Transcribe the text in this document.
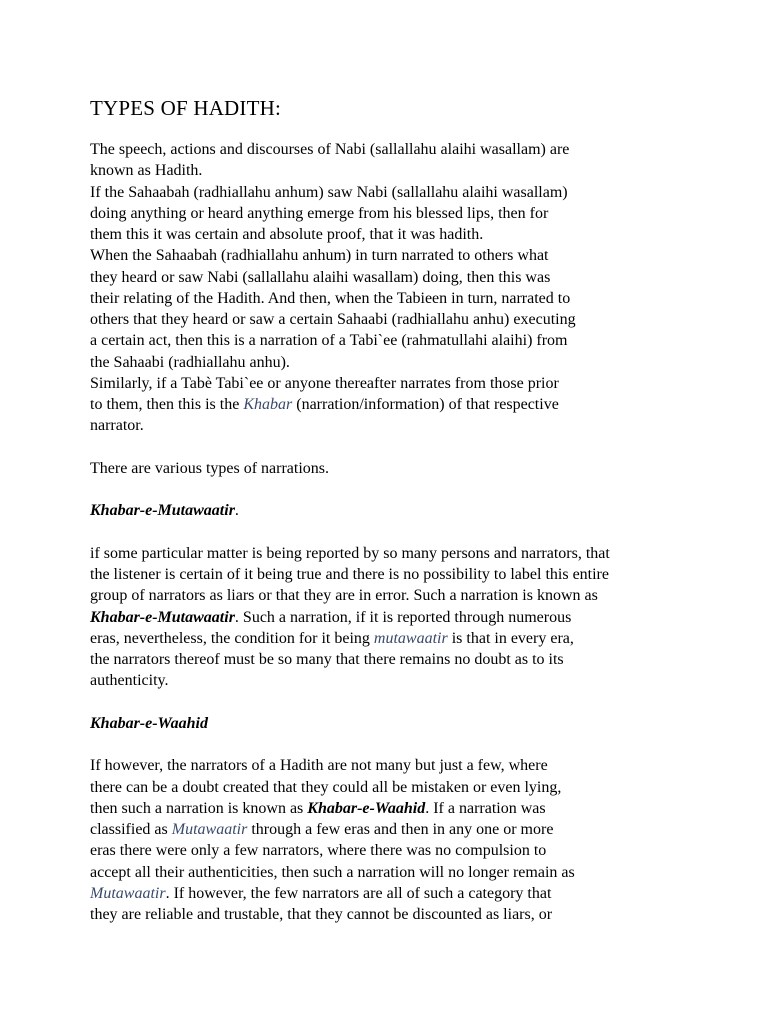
TYPES OF HADITH:
The speech, actions and discourses of Nabi (sallallahu alaihi wasallam) are
known as Hadith.
If the Sahaabah (radhiallahu anhum) saw Nabi (sallallahu alaihi wasallam)
doing anything or heard anything emerge from his blessed lips, then for
them this it was certain and absolute proof, that it was hadith.
When the Sahaabah (radhiallahu anhum) in turn narrated to others what
they heard or saw Nabi (sallallahu alaihi wasallam) doing, then this was
their relating of the Hadith. And then, when the Tabieen in turn, narrated to
others that they heard or saw a certain Sahaabi (radhiallahu anhu) executing
a certain act, then this is a narration of a Tabi`ee (rahmatullahi alaihi) from
the Sahaabi (radhiallahu anhu).
Similarly, if a Tabè Tabi`ee or anyone thereafter narrates from those prior
to them, then this is the Khabar (narration/information) of that respective
narrator.
There are various types of narrations.
Khabar-e-Mutawaatir.
if some particular matter is being reported by so many persons and narrators, that
the listener is certain of it being true and there is no possibility to label this entire
group of narrators as liars or that they are in error. Such a narration is known as
Khabar-e-Mutawaatir. Such a narration, if it is reported through numerous
eras, nevertheless, the condition for it being mutawaatir is that in every era,
the narrators thereof must be so many that there remains no doubt as to its
authenticity.
Khabar-e-Waahid
If however, the narrators of a Hadith are not many but just a few, where
there can be a doubt created that they could all be mistaken or even lying,
then such a narration is known as Khabar-e-Waahid. If a narration was
classified as Mutawaatir through a few eras and then in any one or more
eras there were only a few narrators, where there was no compulsion to
accept all their authenticities, then such a narration will no longer remain as
Mutawaatir. If however, the few narrators are all of such a category that
they are reliable and trustable, that they cannot be discounted as liars, or
